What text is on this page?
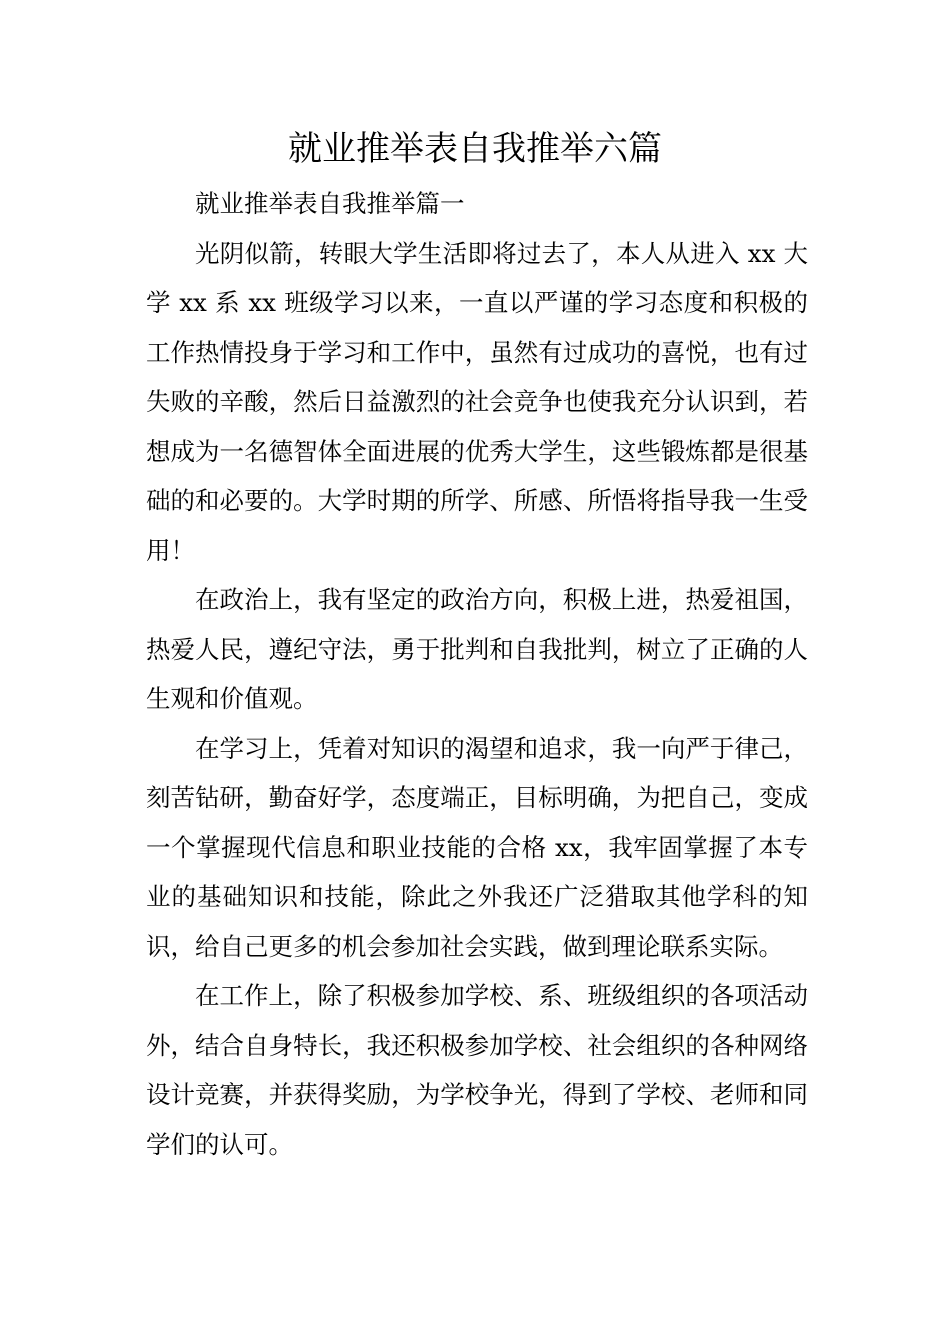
就业推举表自我推举六篇

就业推举表自我推举篇一

光阴似箭，转眼大学生活即将过去了，本人从进入 xx 大学 xx 系 xx 班级学习以来，一直以严谨的学习态度和积极的工作热情投身于学习和工作中，虽然有过成功的喜悦，也有过失败的辛酸，然后日益激烈的社会竞争也使我充分认识到，若想成为一名德智体全面进展的优秀大学生，这些锻炼都是很基础的和必要的。大学时期的所学、所感、所悟将指导我一生受用！

在政治上，我有坚定的政治方向，积极上进，热爱祖国，热爱人民，遵纪守法，勇于批判和自我批判，树立了正确的人生观和价值观。

在学习上，凭着对知识的渴望和追求，我一向严于律己，刻苦钻研，勤奋好学，态度端正，目标明确，为把自己，变成一个掌握现代信息和职业技能的合格 xx，我牢固掌握了本专业的基础知识和技能，除此之外我还广泛猎取其他学科的知识，给自己更多的机会参加社会实践，做到理论联系实际。

在工作上，除了积极参加学校、系、班级组织的各项活动外，结合自身特长，我还积极参加学校、社会组织的各种网络设计竞赛，并获得奖励，为学校争光，得到了学校、老师和同学们的认可。
